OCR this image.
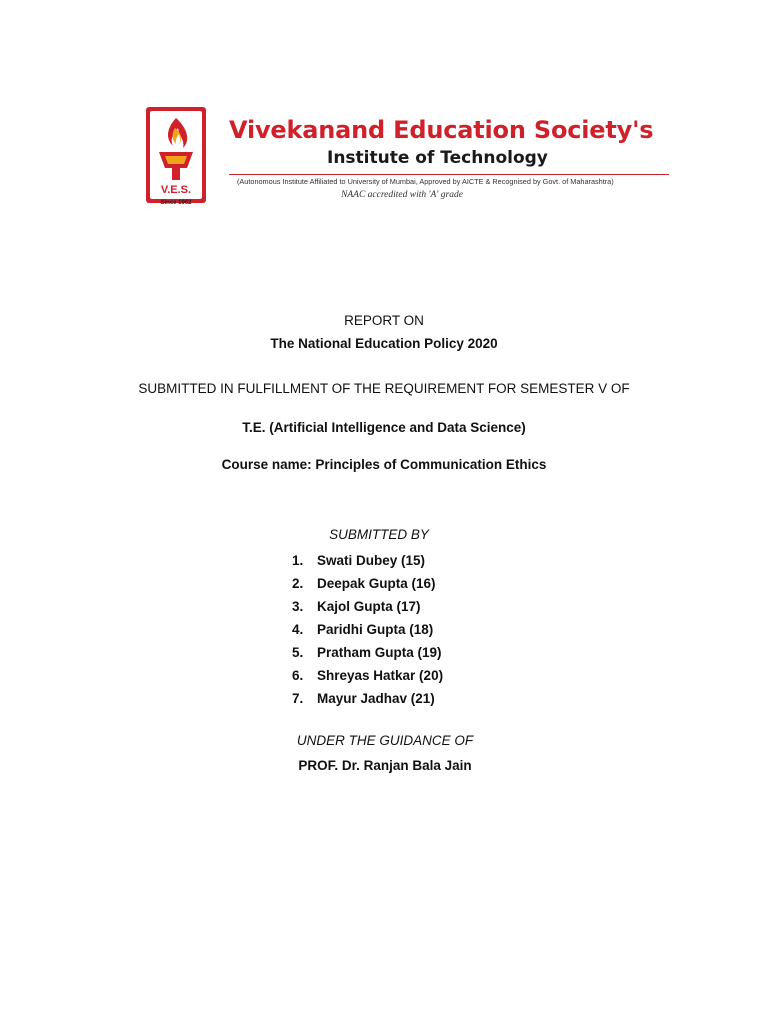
V.E.S.
Since 1962
Vivekanand Education Society's
Institute of Technology
(Autonomous Institute Affiliated to University of Mumbai, Approved by AICTE & Recognised by Govt. of Maharashtra)
NAAC accredited with 'A' grade
REPORT ON
The National Education Policy 2020
SUBMITTED IN FULFILLMENT OF THE REQUIREMENT FOR SEMESTER V OF
T.E. (Artificial Intelligence and Data Science)
Course name: Principles of Communication Ethics
SUBMITTED BY
1. Swati Dubey (15)
2. Deepak Gupta (16)
3. Kajol Gupta (17)
4. Paridhi Gupta (18)
5. Pratham Gupta (19)
6. Shreyas Hatkar (20)
7. Mayur Jadhav (21)
UNDER THE GUIDANCE OF
PROF. Dr. Ranjan Bala Jain
